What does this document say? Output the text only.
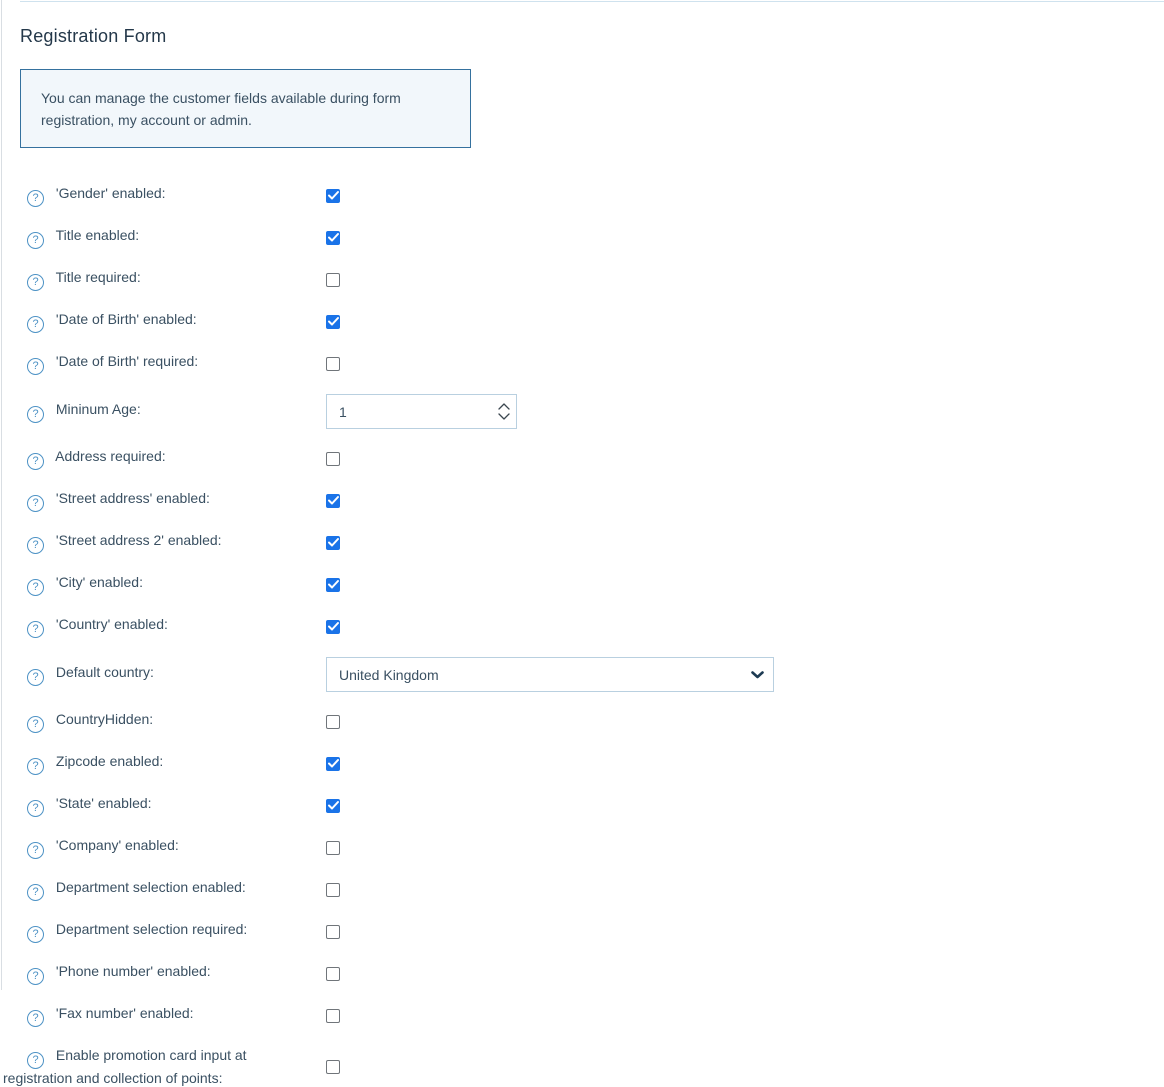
Registration Form
You can manage the customer fields available during form registration, my account or admin.
? 'Gender' enabled:
? Title enabled:
? Title required:
? 'Date of Birth' enabled:
? 'Date of Birth' required:
? Mininum Age:
1
? Address required:
? 'Street address' enabled:
? 'Street address 2' enabled:
? 'City' enabled:
? 'Country' enabled:
? Default country:	United Kingdom
? CountryHidden:
? Zipcode enabled:
? 'State' enabled:
? 'Company' enabled:
? Department selection enabled:
? Department selection required:
? 'Phone number' enabled:
? 'Fax number' enabled:
? Enable promotion card input at registration and collection of points:
